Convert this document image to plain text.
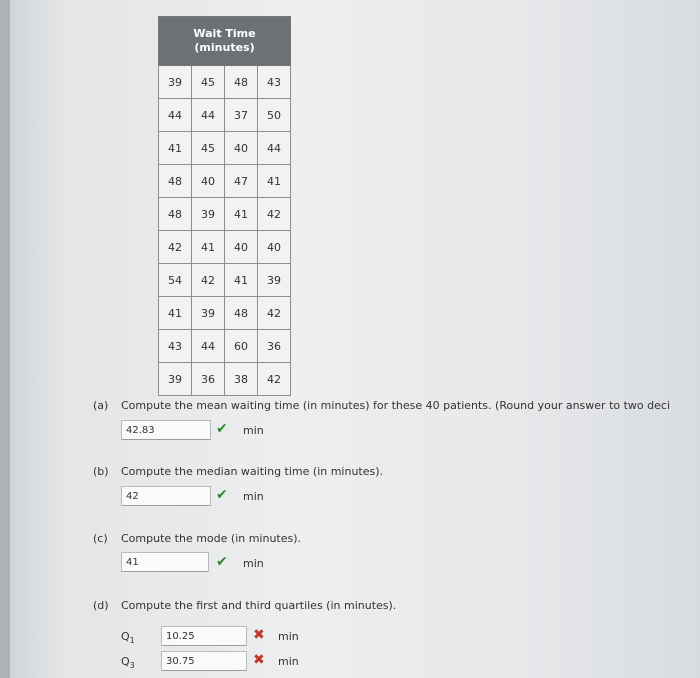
Wait Time
(minutes)			

39	45	48	43
44	44	37	50
41	45	40	44
48	40	47	41
48	39	41	42
42	41	40	40
54	42	41	39
41	39	48	42
43	44	60	36
39	36	38	42
(a) Compute the mean waiting time (in minutes) for these 40 patients. (Round your answer to two deci
42.83	✔ min
(b) Compute the median waiting time (in minutes).
42	✔ min
(c) Compute the mode (in minutes).
41	✔ min
(d) Compute the first and third quartiles (in minutes).
$Q_1$	10.25	✖ min
$Q_3$	30.75	✖ min
